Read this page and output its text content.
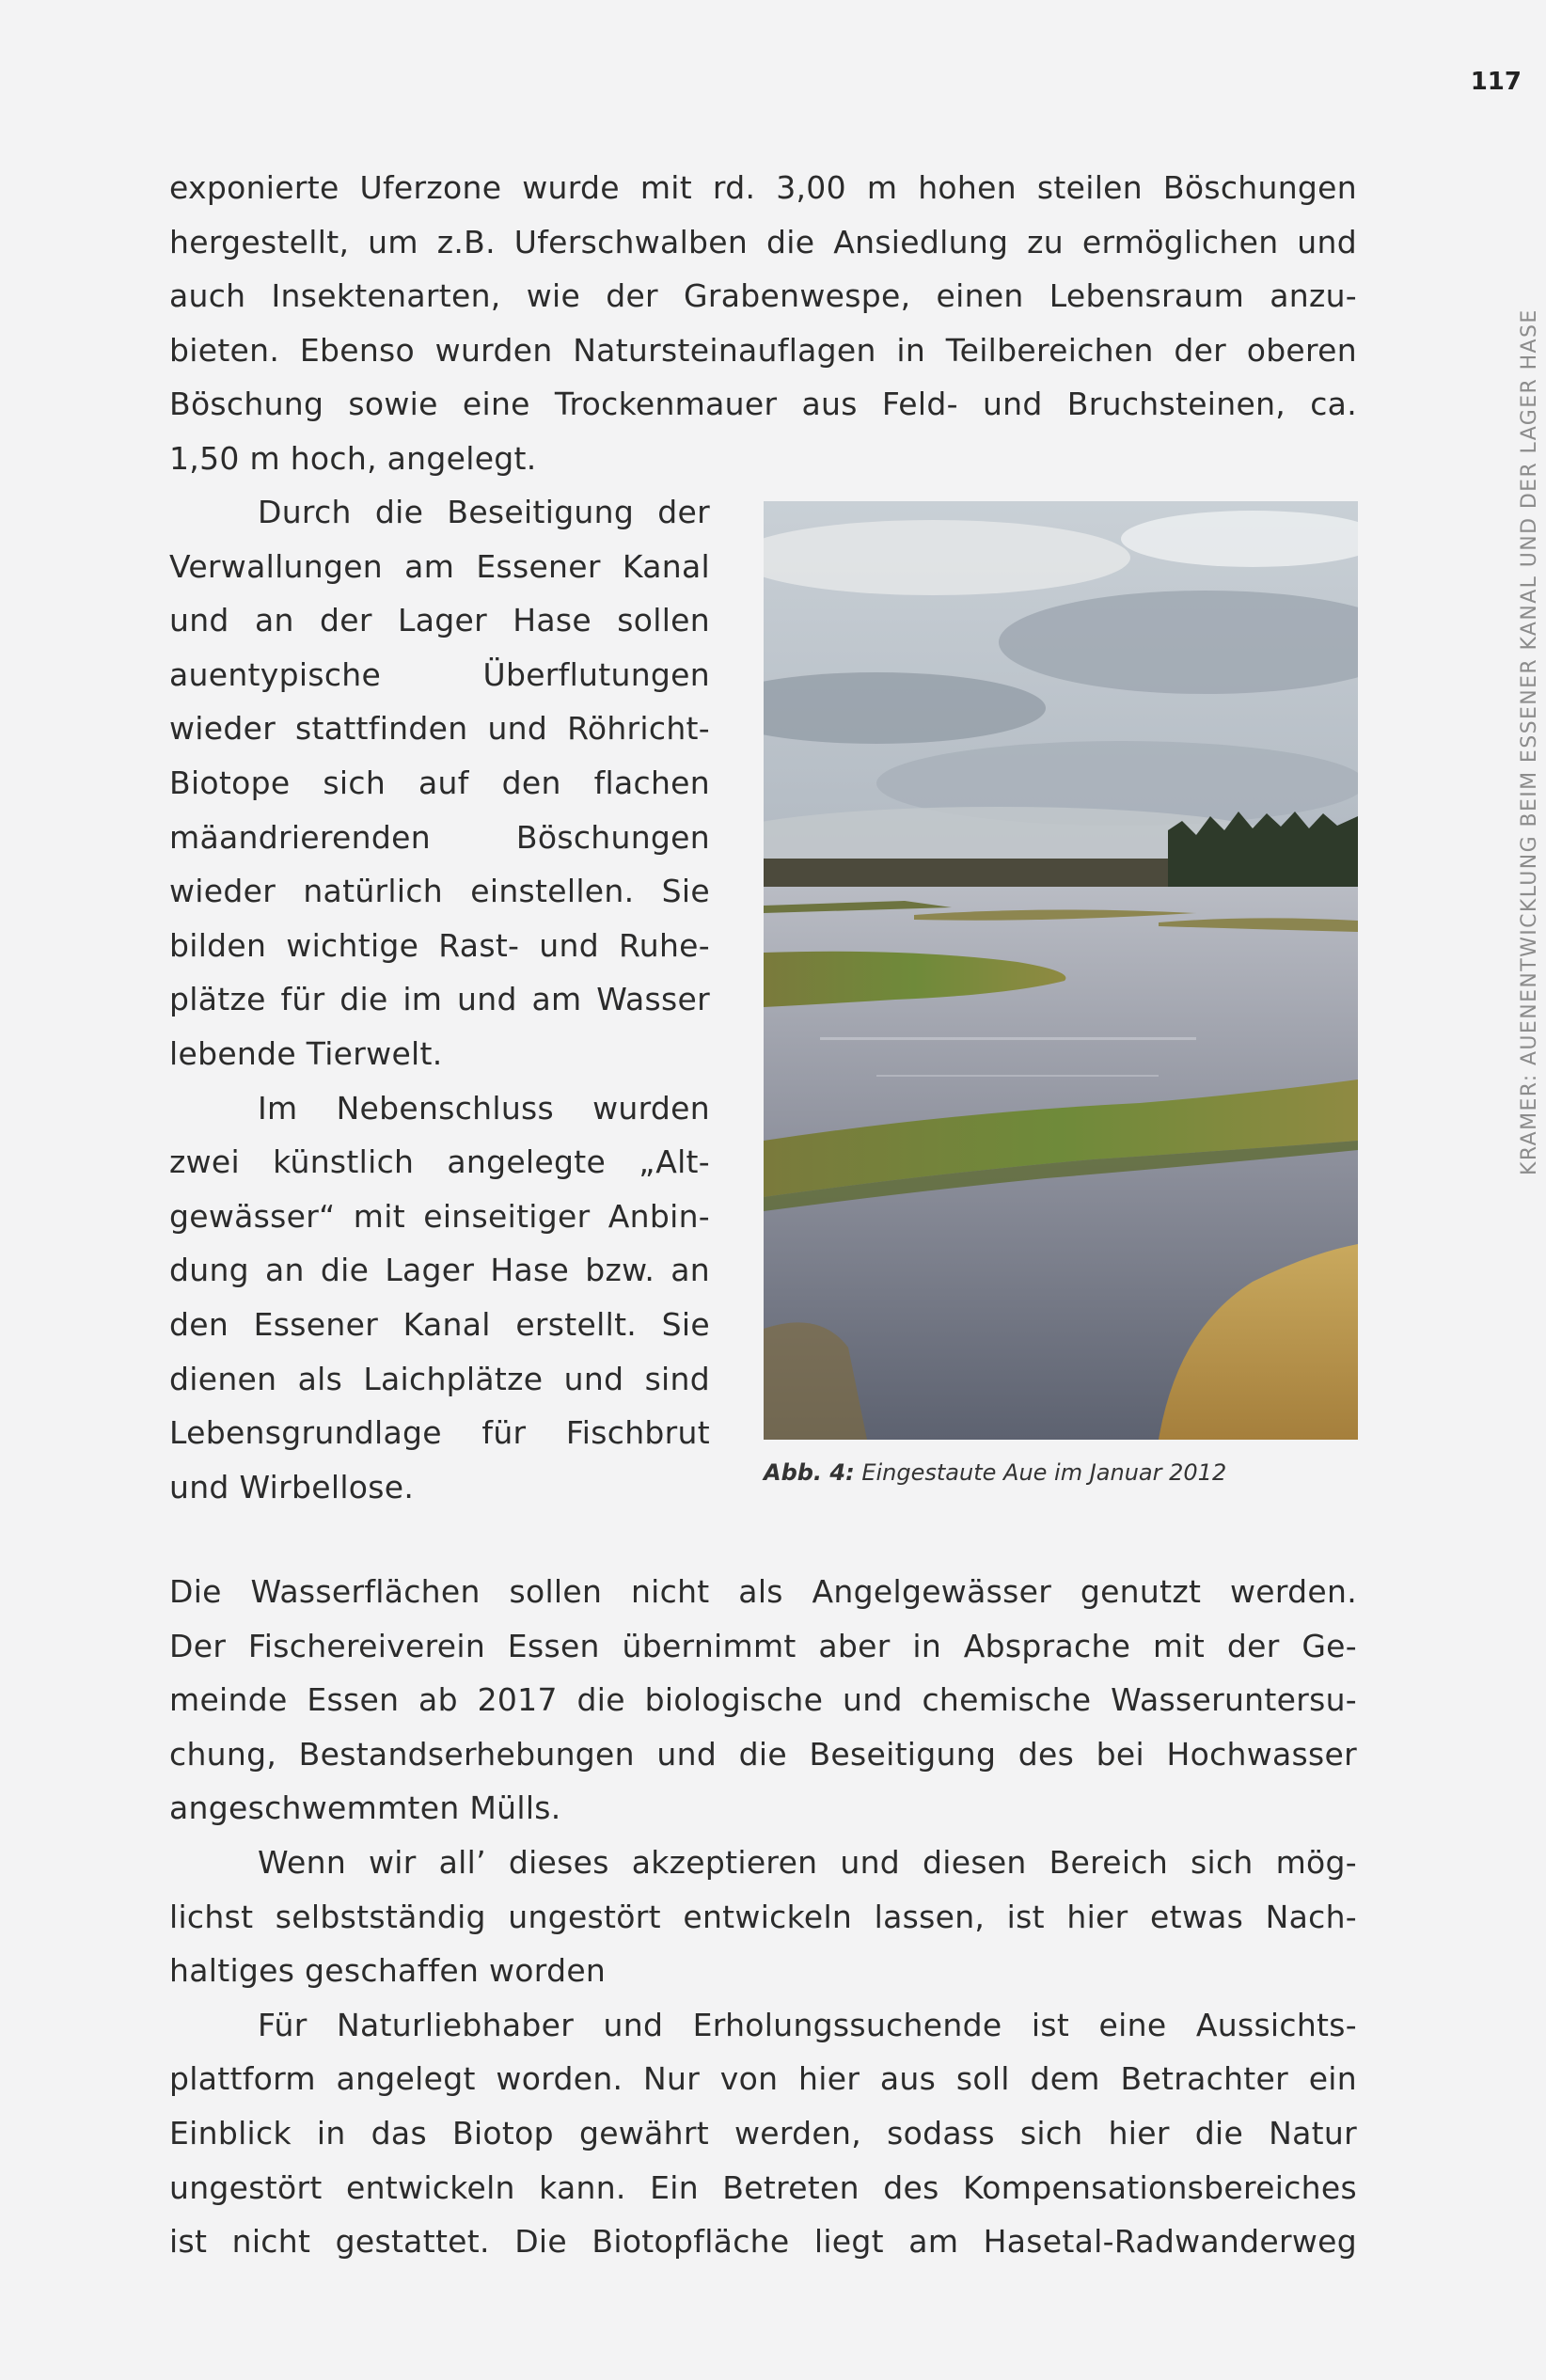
117
KRAMER: AUENENTWICKLUNG BEIM ESSENER KANAL UND DER LAGER HASE
exponierte Uferzone wurde mit rd. 3,00 m hohen steilen Böschungen
hergestellt, um z.B. Uferschwalben die Ansiedlung zu ermöglichen und
auch Insektenarten, wie der Grabenwespe, einen Lebensraum anzu-
bieten. Ebenso wurden Natursteinauflagen in Teilbereichen der oberen
Böschung sowie eine Trockenmauer aus Feld- und Bruchsteinen, ca.
1,50 m hoch, angelegt.
Durch die Beseitigung der
Verwallungen am Essener Kanal
und an der Lager Hase sollen
auentypische Überflutungen
wieder stattfinden und Röhricht-
Biotope sich auf den flachen
mäandrierenden Böschungen
wieder natürlich einstellen. Sie
bilden wichtige Rast- und Ruhe-
plätze für die im und am Wasser
lebende Tierwelt.
Im Nebenschluss wurden
zwei künstlich angelegte „Alt-
gewässer“ mit einseitiger Anbin-
dung an die Lager Hase bzw. an
den Essener Kanal erstellt. Sie
dienen als Laichplätze und sind
Lebensgrundlage für Fischbrut
und Wirbellose.	Abb. 4: Eingestaute Aue im Januar 2012
Die Wasserflächen sollen nicht als Angelgewässer genutzt werden.
Der Fischereiverein Essen übernimmt aber in Absprache mit der Ge-
meinde Essen ab 2017 die biologische und chemische Wasseruntersu-
chung, Bestandserhebungen und die Beseitigung des bei Hochwasser
angeschwemmten Mülls.
Wenn wir all’ dieses akzeptieren und diesen Bereich sich mög-
lichst selbstständig ungestört entwickeln lassen, ist hier etwas Nach-
haltiges geschaffen worden
Für Naturliebhaber und Erholungssuchende ist eine Aussichts-
plattform angelegt worden. Nur von hier aus soll dem Betrachter ein
Einblick in das Biotop gewährt werden, sodass sich hier die Natur
ungestört entwickeln kann. Ein Betreten des Kompensationsbereiches
ist nicht gestattet. Die Biotopfläche liegt am Hasetal-Radwanderweg
